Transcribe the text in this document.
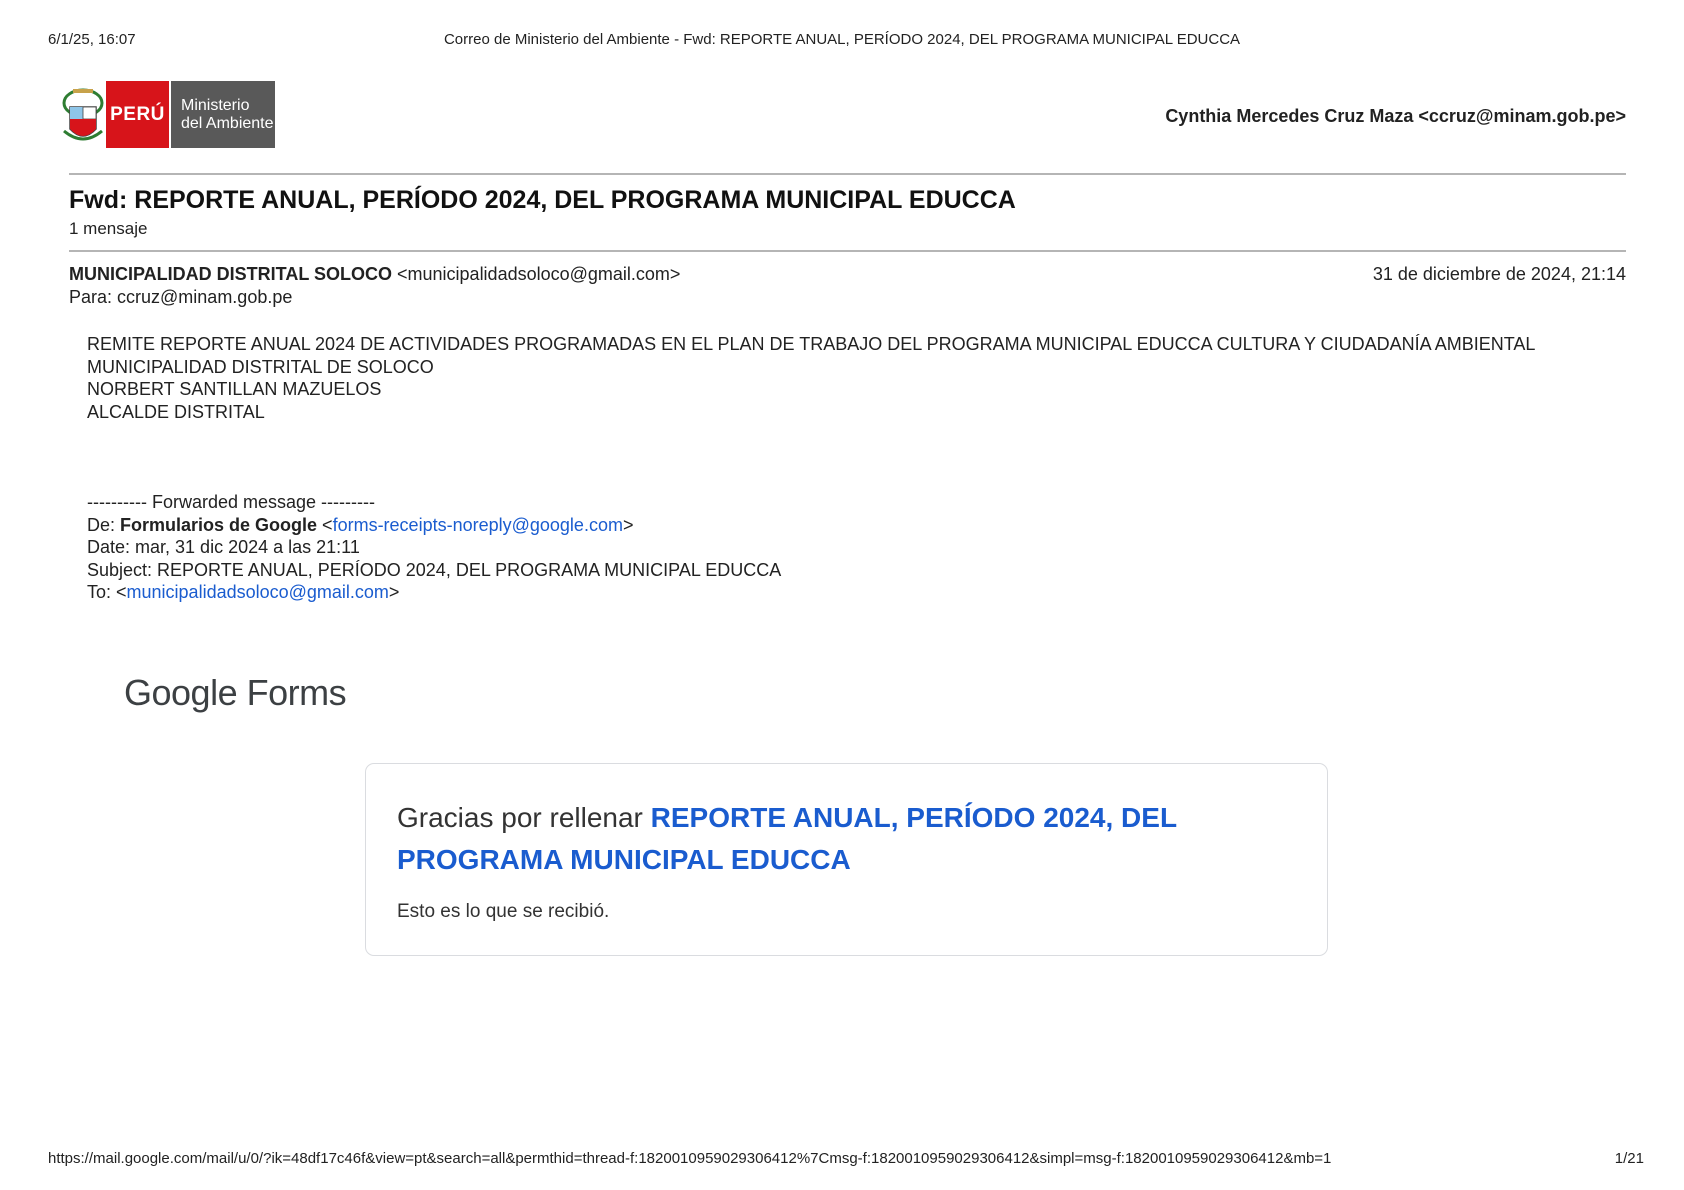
6/1/25, 16:07	Correo de Ministerio del Ambiente - Fwd: REPORTE ANUAL, PERÍODO 2024, DEL PROGRAMA MUNICIPAL EDUCCA
PERÚ Ministerio
del Ambiente	Cynthia Mercedes Cruz Maza <ccruz@minam.gob.pe>
Fwd: REPORTE ANUAL, PERÍODO 2024, DEL PROGRAMA MUNICIPAL EDUCCA
1 mensaje
MUNICIPALIDAD DISTRITAL SOLOCO <municipalidadsoloco@gmail.com>	31 de diciembre de 2024, 21:14
Para: ccruz@minam.gob.pe
REMITE REPORTE ANUAL 2024 DE ACTIVIDADES PROGRAMADAS EN EL PLAN DE TRABAJO DEL PROGRAMA MUNICIPAL EDUCCA CULTURA Y CIUDADANÍA AMBIENTAL
MUNICIPALIDAD DISTRITAL DE SOLOCO
NORBERT SANTILLAN MAZUELOS
ALCALDE DISTRITAL
---------- Forwarded message ---------
De: Formularios de Google <forms-receipts-noreply@google.com>
Date: mar, 31 dic 2024 a las 21:11
Subject: REPORTE ANUAL, PERÍODO 2024, DEL PROGRAMA MUNICIPAL EDUCCA
To: <municipalidadsoloco@gmail.com>
Google Forms
Gracias por rellenar REPORTE ANUAL, PERÍODO 2024, DEL PROGRAMA MUNICIPAL EDUCCA
Esto es lo que se recibió.
https://mail.google.com/mail/u/0/?ik=48df17c46f&view=pt&search=all&permthid=thread-f:1820010959029306412%7Cmsg-f:1820010959029306412&simpl=msg-f:1820010959029306412&mb=1	1/21
